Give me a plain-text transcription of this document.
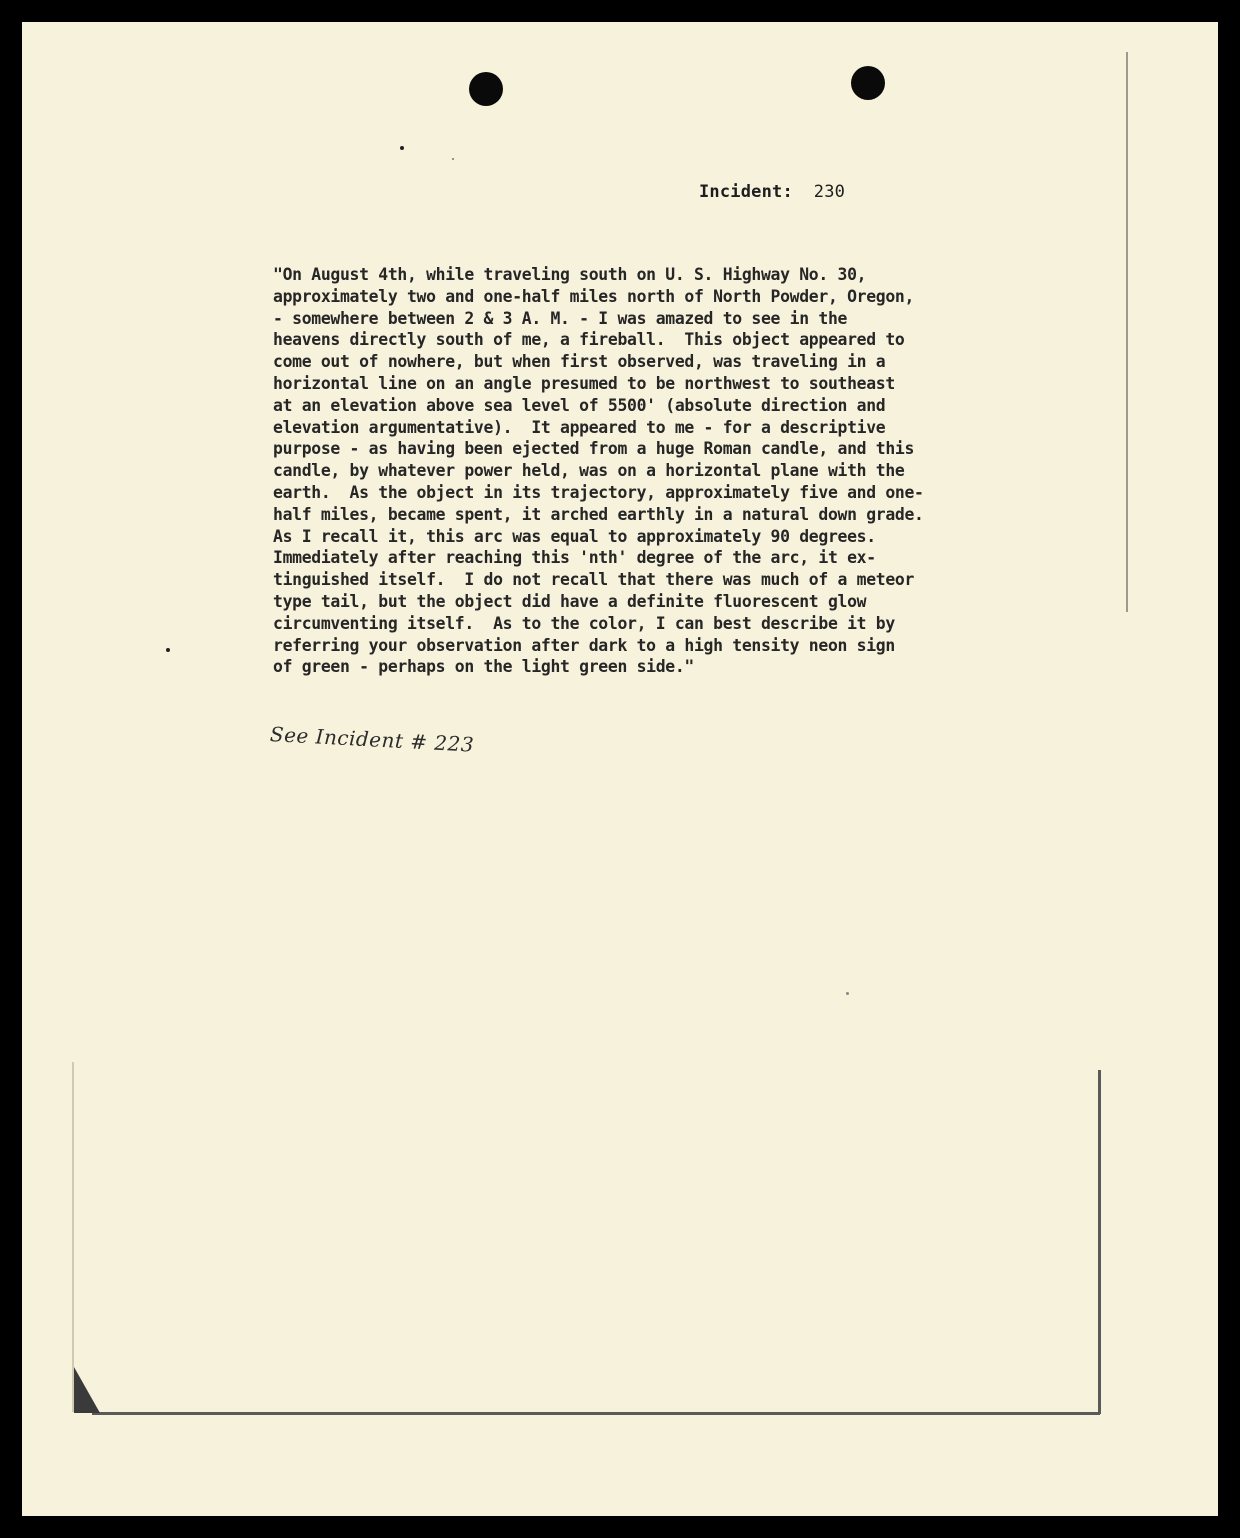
Incident: 230
"On August 4th, while traveling south on U. S. Highway No. 30,
approximately two and one-half miles north of North Powder, Oregon,
- somewhere between 2 & 3 A. M. - I was amazed to see in the
heavens directly south of me, a fireball.  This object appeared to
come out of nowhere, but when first observed, was traveling in a
horizontal line on an angle presumed to be northwest to southeast
at an elevation above sea level of 5500' (absolute direction and
elevation argumentative).  It appeared to me - for a descriptive
purpose - as having been ejected from a huge Roman candle, and this
candle, by whatever power held, was on a horizontal plane with the
earth.  As the object in its trajectory, approximately five and one-
half miles, became spent, it arched earthly in a natural down grade.
As I recall it, this arc was equal to approximately 90 degrees.
Immediately after reaching this 'nth' degree of the arc, it ex-
tinguished itself.  I do not recall that there was much of a meteor
type tail, but the object did have a definite fluorescent glow
circumventing itself.  As to the color, I can best describe it by
referring your observation after dark to a high tensity neon sign
of green - perhaps on the light green side."
See Incident # 223
